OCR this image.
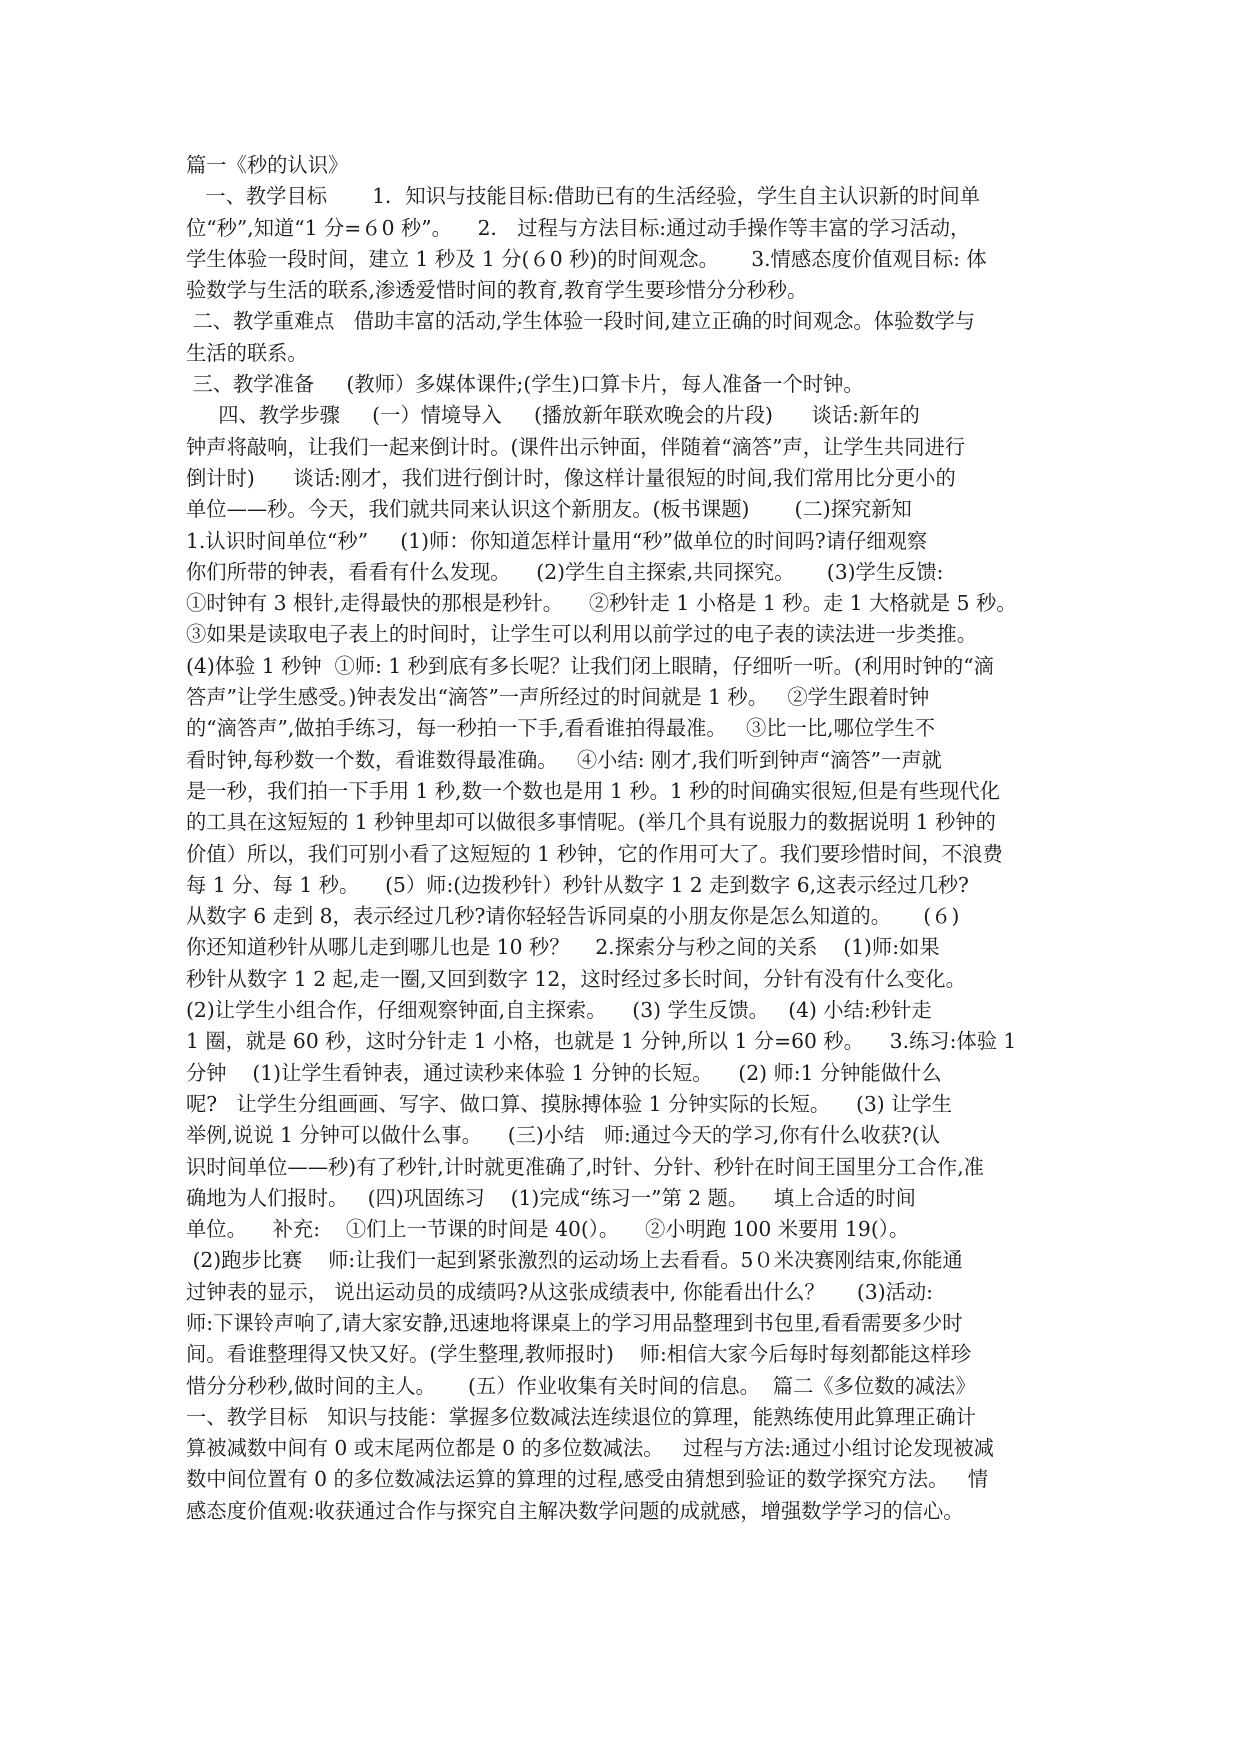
篇一《秒的认识》
一、教学目标       1．知识与技能目标:借助已有的生活经验，学生自主认识新的时间单
位“秒”,知道“1 分=６0 秒”。    2． 过程与方法目标:通过动手操作等丰富的学习活动，
学生体验一段时间，建立 1 秒及 1 分(６0 秒)的时间观念。     3.情感态度价值观目标: 体
验数学与生活的联系,渗透爱惜时间的教育,教育学生要珍惜分分秒秒。
二、教学重难点   借助丰富的活动,学生体验一段时间,建立正确的时间观念。体验数学与
生活的联系。
三、教学准备     (教师）多媒体课件;(学生)口算卡片，每人准备一个时钟。
四、教学步骤     (一）情境导入     (播放新年联欢晚会的片段)      谈话:新年的
钟声将敲响，让我们一起来倒计时。(课件出示钟面，伴随着“滴答”声，让学生共同进行
倒计时)      谈话:刚才，我们进行倒计时，像这样计量很短的时间,我们常用比分更小的
单位——秒。今天，我们就共同来认识这个新朋友。(板书课题)       (二)探究新知
1.认识时间单位“秒”     (1)师：你知道怎样计量用“秒”做单位的时间吗?请仔细观察
你们所带的钟表，看看有什么发现。    (2)学生自主探索,共同探究。     (3)学生反馈:
①时钟有 3 根针,走得最快的那根是秒针。    ②秒针走 1 小格是 1 秒。走 1 大格就是 5 秒。
③如果是读取电子表上的时间时，让学生可以利用以前学过的电子表的读法进一步类推。
(4)体验 1 秒钟  ①师: 1 秒到底有多长呢？让我们闭上眼睛，仔细听一听。(利用时钟的“滴
答声”让学生感受。)钟表发出“滴答”一声所经过的时间就是 1 秒。   ②学生跟着时钟
的“滴答声”,做拍手练习，每一秒拍一下手,看看谁拍得最准。   ③比一比,哪位学生不
看时钟,每秒数一个数，看谁数得最准确。   ④小结: 刚才,我们听到钟声“滴答”一声就
是一秒，我们拍一下手用 1 秒,数一个数也是用 1 秒。1 秒的时间确实很短,但是有些现代化
的工具在这短短的 1 秒钟里却可以做很多事情呢。(举几个具有说服力的数据说明 1 秒钟的
价值）所以，我们可别小看了这短短的 1 秒钟，它的作用可大了。我们要珍惜时间，不浪费
每 1 分、每 1 秒。    (5）师:(边拨秒针）秒针从数字 1 2 走到数字 6,这表示经过几秒?
从数字 6 走到 8，表示经过几秒?请你轻轻告诉同桌的小朋友你是怎么知道的。     (６)
你还知道秒针从哪儿走到哪儿也是 10 秒？    2.探索分与秒之间的关系    (1)师:如果
秒针从数字 1 2 起,走一圈,又回到数字 12，这时经过多长时间，分针有没有什么变化。
(2)让学生小组合作，仔细观察钟面,自主探索。    (3) 学生反馈。   (4) 小结:秒针走
1 圈，就是 60 秒，这时分针走 1 小格，也就是 1 分钟,所以 1 分=60 秒。    3.练习:体验 1
分钟    (1)让学生看钟表，通过读秒来体验 1 分钟的长短。    (2) 师:1 分钟能做什么
呢?   让学生分组画画、写字、做口算、摸脉搏体验 1 分钟实际的长短。    (3) 让学生
举例,说说 1 分钟可以做什么事。    (三)小结   师:通过今天的学习,你有什么收获?(认
识时间单位——秒)有了秒针,计时就更准确了,时针、分针、秒针在时间王国里分工合作,准
确地为人们报时。   (四)巩固练习    (1)完成“练习一”第 2 题。    填上合适的时间
单位。    补充:    ①们上一节课的时间是 40(）。    ②小明跑 100 米要用 19(）。
(2)跑步比赛    师:让我们一起到紧张激烈的运动场上去看看。5０米决赛刚结束,你能通
过钟表的显示， 说出运动员的成绩吗?从这张成绩表中, 你能看出什么？     (3)活动:
师:下课铃声响了,请大家安静,迅速地将课桌上的学习用品整理到书包里,看看需要多少时
间。看谁整理得又快又好。(学生整理,教师报时)    师:相信大家今后每时每刻都能这样珍
惜分分秒秒,做时间的主人。     (五）作业收集有关时间的信息。  篇二《多位数的减法》
一、教学目标   知识与技能：掌握多位数减法连续退位的算理，能熟练使用此算理正确计
算被减数中间有 0 或末尾两位都是 0 的多位数减法。   过程与方法:通过小组讨论发现被减
数中间位置有 0 的多位数减法运算的算理的过程,感受由猜想到验证的数学探究方法。   情
感态度价值观:收获通过合作与探究自主解决数学问题的成就感，增强数学学习的信心。
